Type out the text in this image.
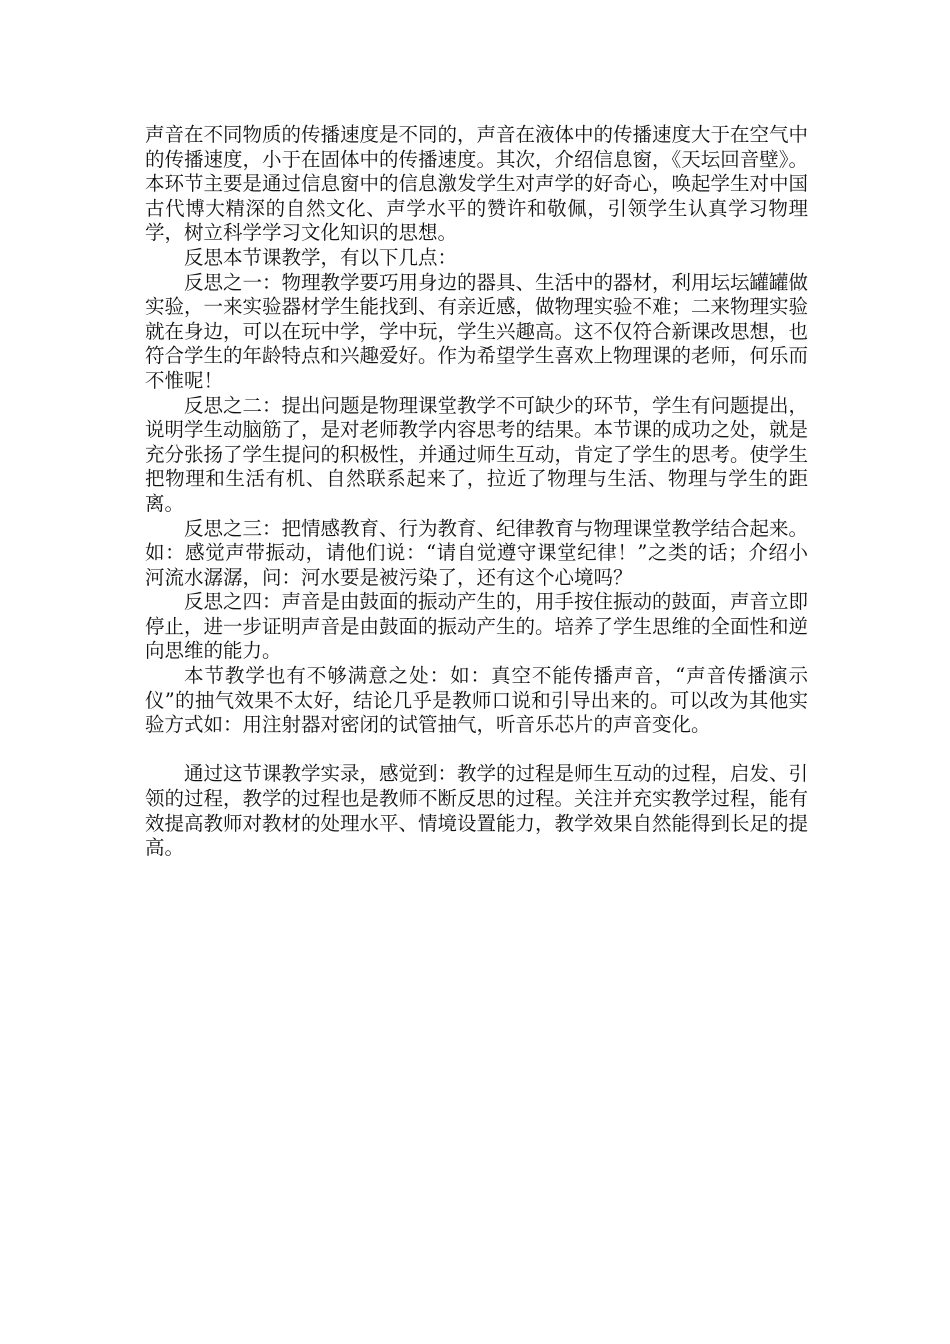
声音在不同物质的传播速度是不同的，声音在液体中的传播速度大于在空气中的传播速度，小于在固体中的传播速度。其次，介绍信息窗，《天坛回音壁》。本环节主要是通过信息窗中的信息激发学生对声学的好奇心，唤起学生对中国古代博大精深的自然文化、声学水平的赞许和敬佩，引领学生认真学习物理学，树立科学学习文化知识的思想。

反思本节课教学，有以下几点：

反思之一：物理教学要巧用身边的器具、生活中的器材，利用坛坛罐罐做实验，一来实验器材学生能找到、有亲近感，做物理实验不难；二来物理实验就在身边，可以在玩中学，学中玩，学生兴趣高。这不仅符合新课改思想，也符合学生的年龄特点和兴趣爱好。作为希望学生喜欢上物理课的老师，何乐而不惟呢！

反思之二：提出问题是物理课堂教学不可缺少的环节，学生有问题提出，说明学生动脑筋了，是对老师教学内容思考的结果。本节课的成功之处，就是充分张扬了学生提问的积极性，并通过师生互动，肯定了学生的思考。使学生把物理和生活有机、自然联系起来了，拉近了物理与生活、物理与学生的距离。

反思之三：把情感教育、行为教育、纪律教育与物理课堂教学结合起来。如：感觉声带振动，请他们说：“请自觉遵守课堂纪律！”之类的话；介绍小河流水潺潺，问：河水要是被污染了，还有这个心境吗？

反思之四：声音是由鼓面的振动产生的，用手按住振动的鼓面，声音立即停止，进一步证明声音是由鼓面的振动产生的。培养了学生思维的全面性和逆向思维的能力。

本节教学也有不够满意之处：如：真空不能传播声音，“声音传播演示仪”的抽气效果不太好，结论几乎是教师口说和引导出来的。可以改为其他实验方式如：用注射器对密闭的试管抽气，听音乐芯片的声音变化。

通过这节课教学实录，感觉到：教学的过程是师生互动的过程，启发、引领的过程，教学的过程也是教师不断反思的过程。关注并充实教学过程，能有效提高教师对教材的处理水平、情境设置能力，教学效果自然能得到长足的提高。
